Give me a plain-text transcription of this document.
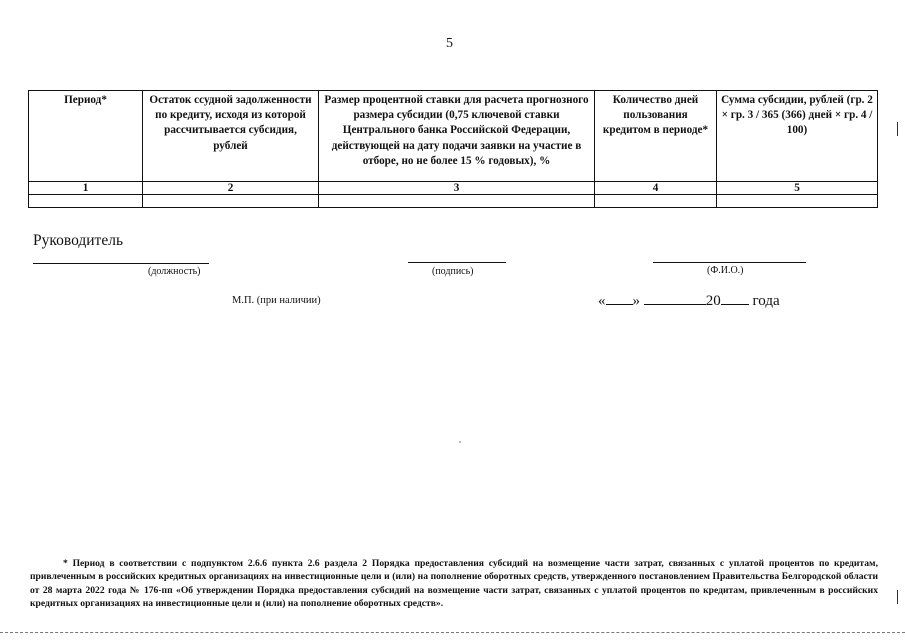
5
Период*	Остаток ссудной задолженности по кредиту, исходя из которой рассчитывается субсидия, рублей	Размер процентной ставки для расчета прогнозного размера субсидии (0,75 ключевой ставки Центрального банка Российской Федерации, действующей на дату подачи заявки на участие в отборе, но не более 15 % годовых), %	Количество дней пользования кредитом в периоде*	Сумма субсидии, рублей (гр. 2 × гр. 3 / 365 (366) дней × гр. 4 / 100)
1	2	3	4	5

Руководитель
(должность)	(подпись)	(Ф.И.О.)
М.П. (при наличии)	« »	20 года

* Период в соответствии с подпунктом 2.6.6 пункта 2.6 раздела 2 Порядка предоставления субсидий на возмещение части затрат, связанных с уплатой процентов по кредитам, привлеченным в российских кредитных организациях на инвестиционные цели и (или) на пополнение оборотных средств, утвержденного постановлением Правительства Белгородской области от 28 марта 2022 года № 176-пп «Об утверждении Порядка предоставления субсидий на возмещение части затрат, связанных с уплатой процентов по кредитам, привлеченным в российских кредитных организациях на инвестиционные цели и (или) на пополнение оборотных средств».
